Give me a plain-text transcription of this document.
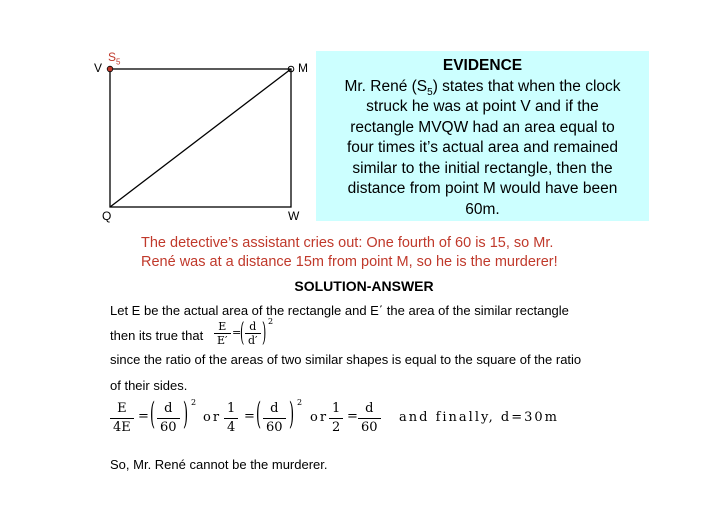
$S_5$
V	M
Q	W
EVIDENCE
Mr. René $(S_5)$ states that when the clock
struck he was at point V and if the
rectangle MVQW had an area equal to
four times it’s actual area and remained
similar to the initial rectangle, then the
distance from point M would have been
60m.
The detective’s assistant cries out: One fourth of 60 is 15, so Mr.
René was at a distance 15m from point M, so he is the murderer!
SOLUTION-ANSWER
Let E be the actual area of the rectangle and E΄ the area of the similar rectangle
then its true that $\frac{E}{E'}$ =
( $\frac{d}{d'}$ ) 2
since the ratio of the areas of two similar shapes is equal to the square of the ratio
of their sides.
$\frac{E}{4E}$ = ( $\frac{d}{60}$ ) 2
or $\frac{1}{4}$ = ( $\frac{d}{60}$ ) 2
or $\frac{1}{2} = \frac{d}{60}$ and finally, d=30m
So, Mr. René cannot be the murderer.
